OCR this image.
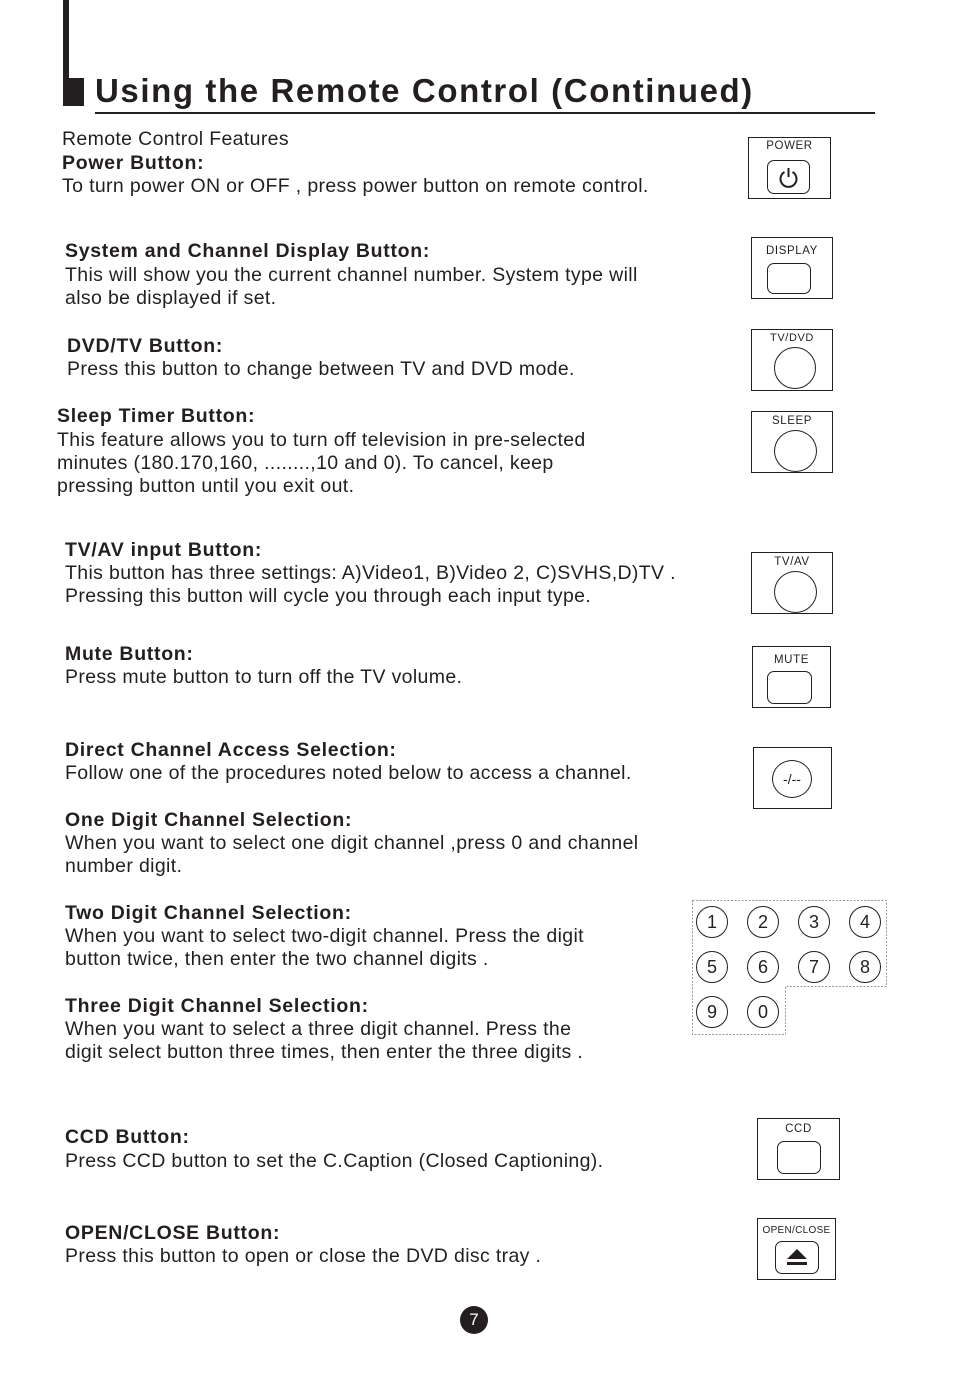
Using the Remote Control (Continued)
Remote Control Features
Power Button:
To turn power ON or OFF , press power button on remote control.
POWER
System and Channel Display Button:
This will show you the current channel number. System type will
also be displayed if set.
DISPLAY
DVD/TV Button:
Press this button to change between TV and DVD mode.
TV/DVD
Sleep Timer Button:
This feature allows you to turn off television in pre-selected
minutes (180.170,160, ........,10 and 0). To cancel, keep
pressing button until you exit out.
SLEEP
TV/AV input Button:
This button has three settings: A)Video1, B)Video 2, C)SVHS,D)TV .
Pressing this button will cycle you through each input type.
TV/AV
Mute Button:
Press mute button to turn off the TV volume.
MUTE
Direct Channel Access Selection:
Follow one of the procedures noted below to access a channel.	-/--
One Digit Channel Selection:
When you want to select one digit channel ,press 0 and channel
number digit.
Two Digit Channel Selection:
When you want to select two-digit channel. Press the digit
button twice, then enter the two channel digits .
Three Digit Channel Selection:
When you want to select a three digit channel. Press the
digit select button three times, then enter the three digits .
1	2	3	4
5	6	7	8
9	0
CCD Button:
Press CCD button to set the C.Caption (Closed Captioning).
CCD
OPEN/CLOSE Button:
Press this button to open or close the DVD disc tray .
OPEN/CLOSE
7
